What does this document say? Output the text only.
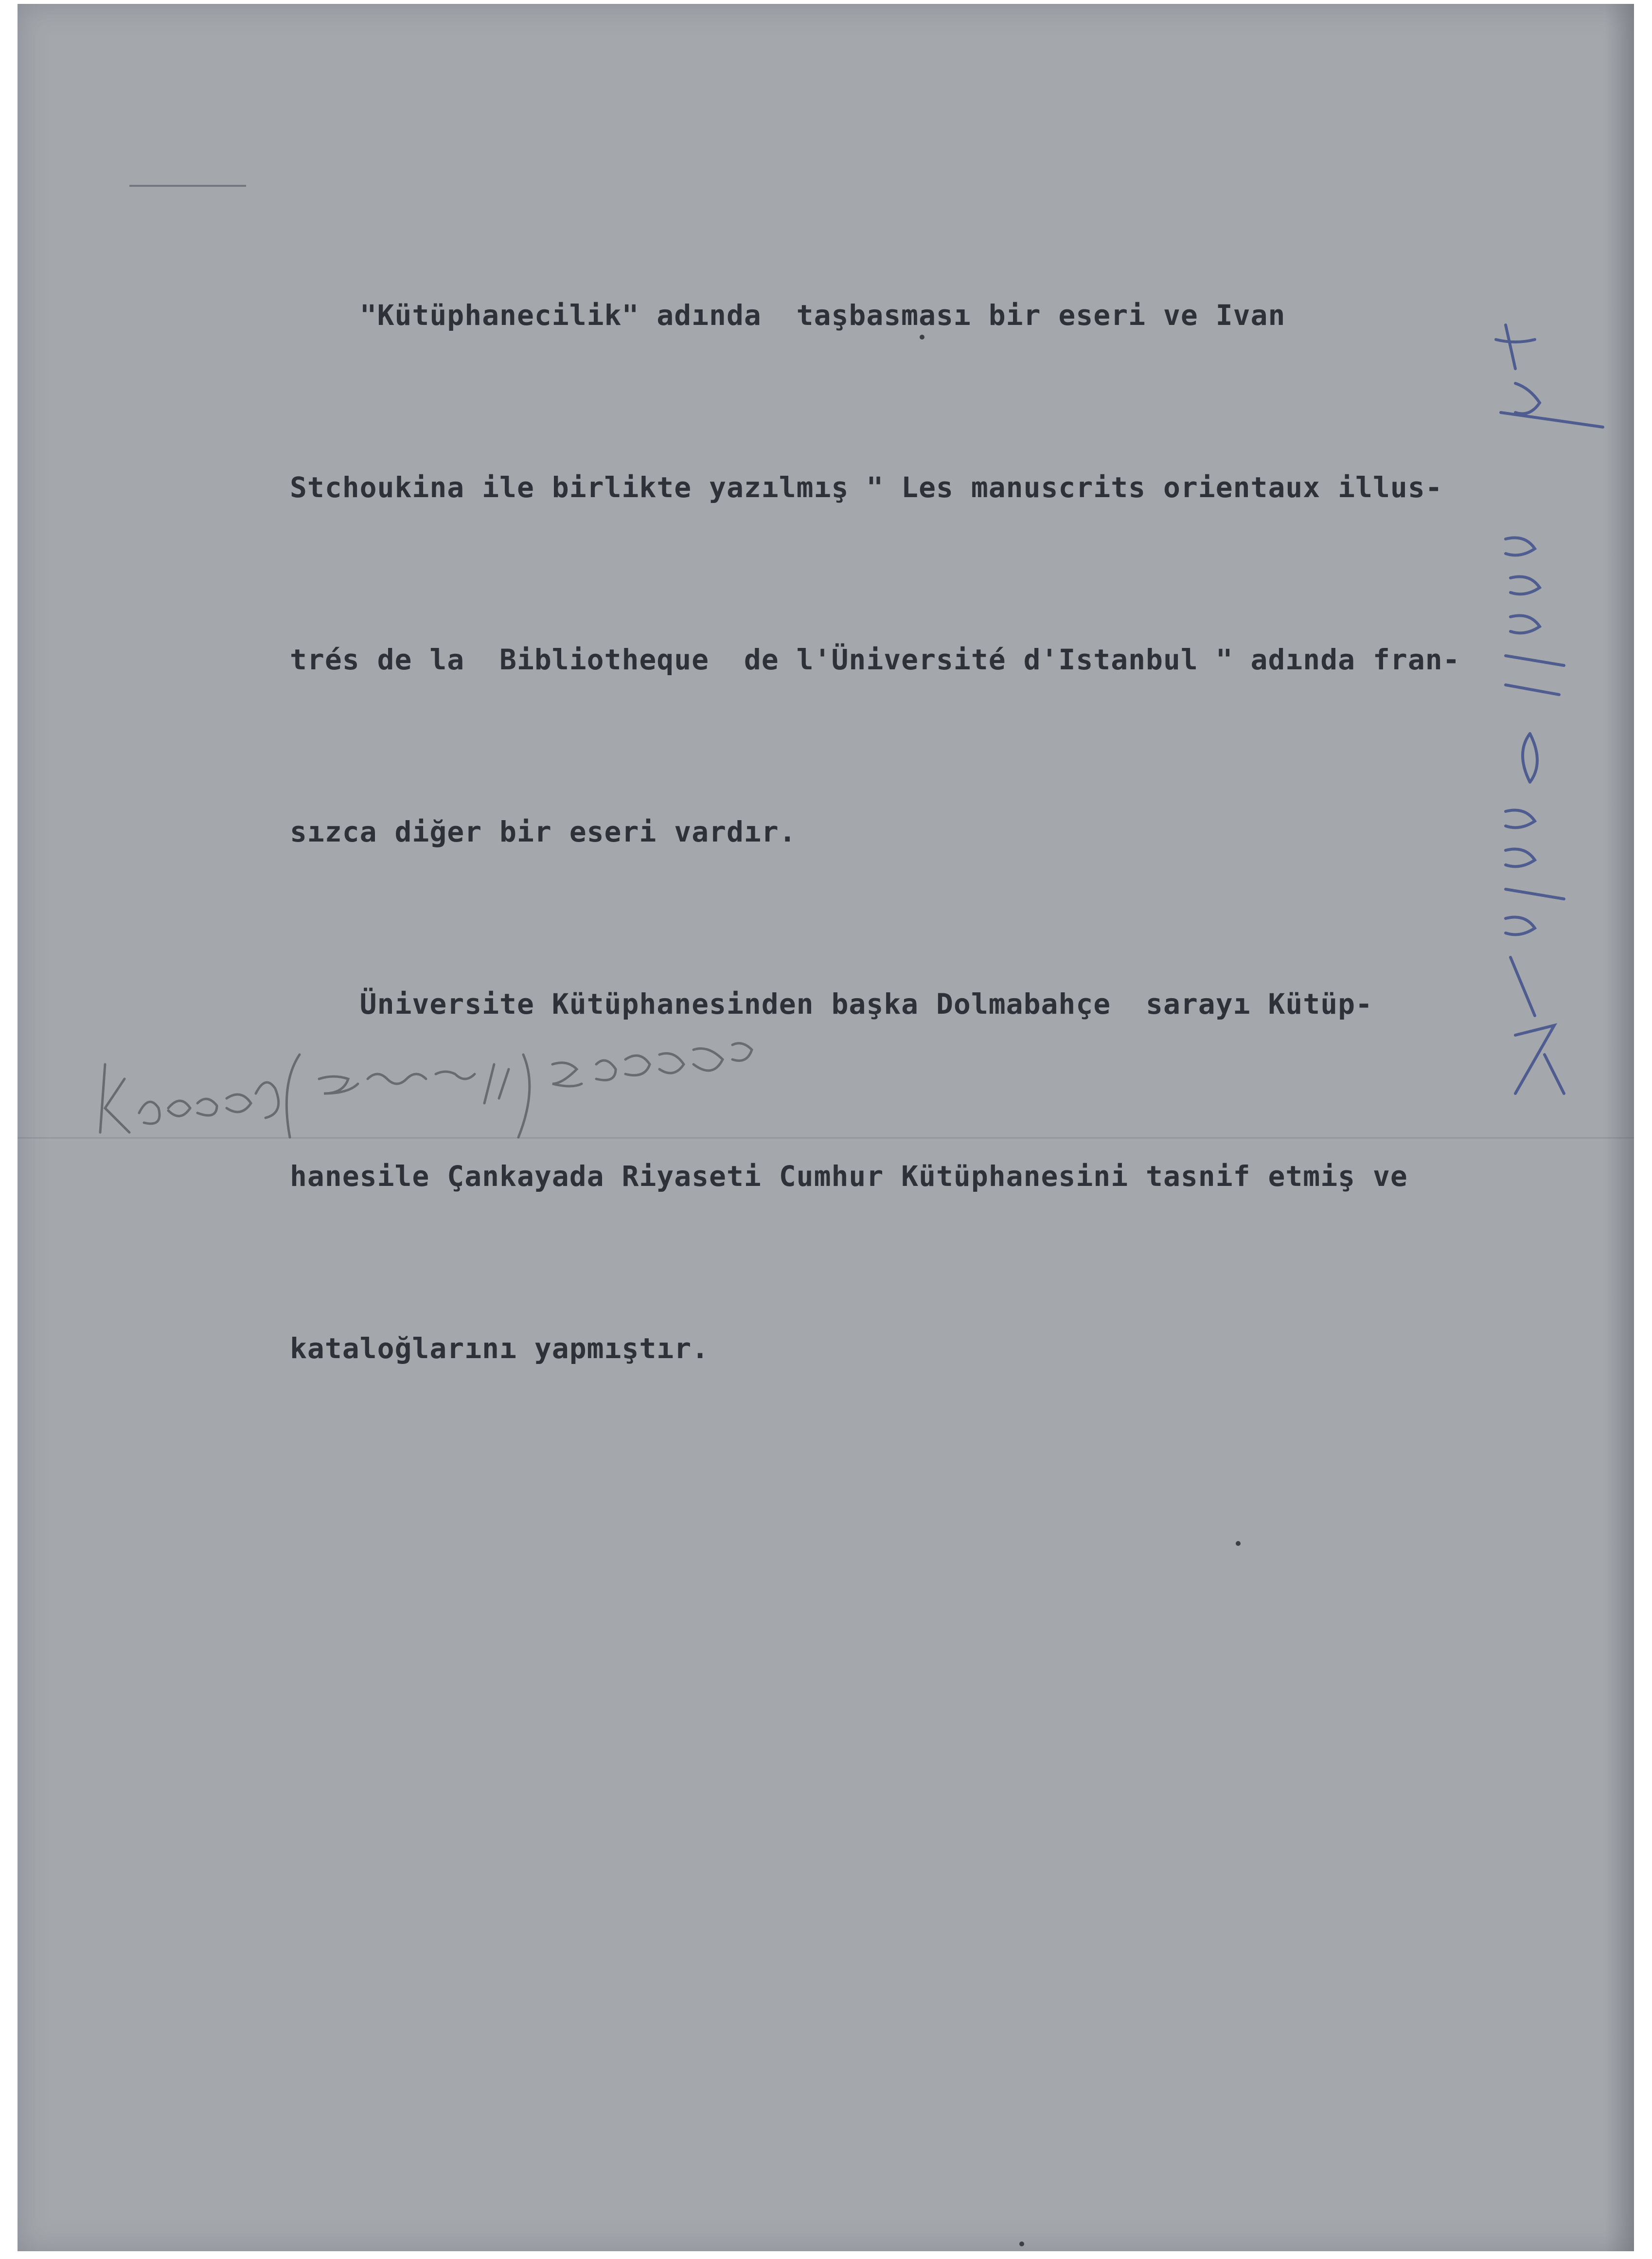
"Kütüphanecilik" adında  taşbasması bir eseri ve Ivan

Stchoukina ile birlikte yazılmış " Les manuscrits orientaux illus-

trés de la  Bibliotheque  de l'Üniversité d'Istanbul " adında fran-

sızca diğer bir eseri vardır.

Üniversite Kütüphanesinden başka Dolmabahçe  sarayı Kütüp-

hanesile Çankayada Riyaseti Cumhur Kütüphanesini tasnif etmiş ve

kataloğlarını yapmıştır.
